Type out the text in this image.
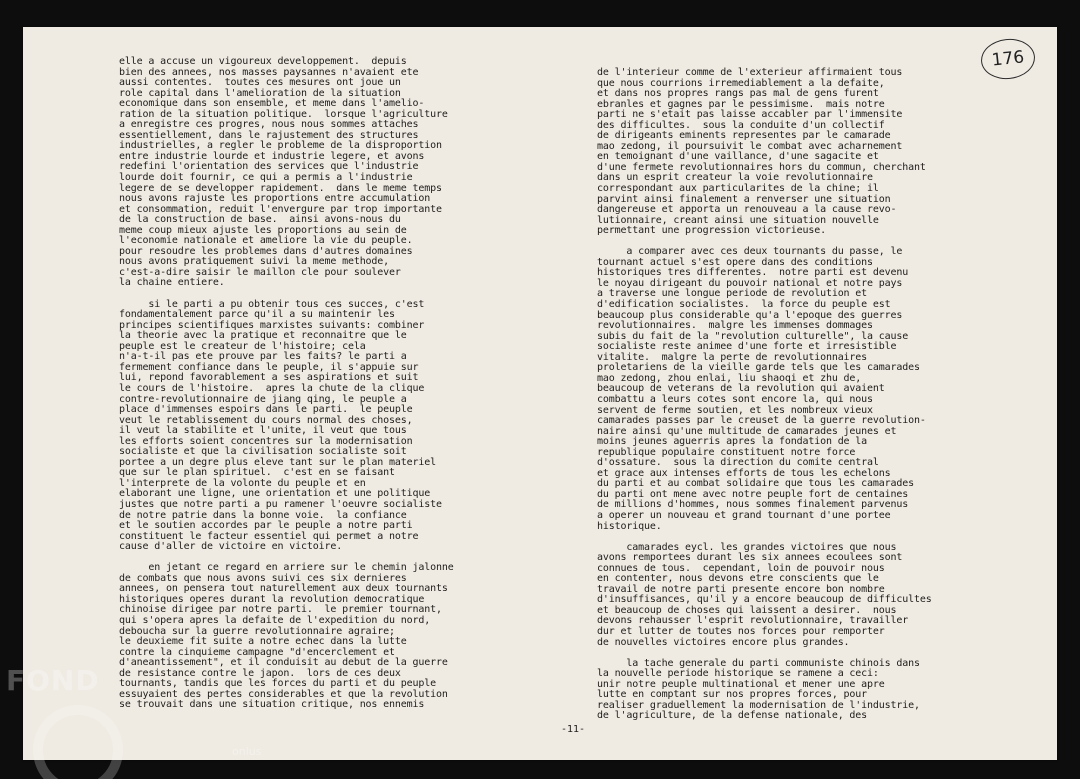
176
elle a accuse un vigoureux developpement.  depuis
bien des annees, nos masses paysannes n'avaient ete
aussi contentes.  toutes ces mesures ont joue un
role capital dans l'amelioration de la situation
economique dans son ensemble, et meme dans l'amelio-
ration de la situation politique.  lorsque l'agriculture
a enregistre ces progres, nous nous sommes attaches
essentiellement, dans le rajustement des structures
industrielles, a regler le probleme de la disproportion
entre industrie lourde et industrie legere, et avons
redefini l'orientation des services que l'industrie
lourde doit fournir, ce qui a permis a l'industrie
legere de se developper rapidement.  dans le meme temps
nous avons rajuste les proportions entre accumulation
et consommation, reduit l'envergure par trop importante
de la construction de base.  ainsi avons-nous du
meme coup mieux ajuste les proportions au sein de
l'economie nationale et ameliore la vie du peuple.
pour resoudre les problemes dans d'autres domaines
nous avons pratiquement suivi la meme methode,
c'est-a-dire saisir le maillon cle pour soulever
la chaine entiere.
si le parti a pu obtenir tous ces succes, c'est
fondamentalement parce qu'il a su maintenir les
principes scientifiques marxistes suivants: combiner
la theorie avec la pratique et reconnaitre que le
peuple est le createur de l'histoire; cela
n'a-t-il pas ete prouve par les faits? le parti a
fermement confiance dans le peuple, il s'appuie sur
lui, repond favorablement a ses aspirations et suit
le cours de l'histoire.  apres la chute de la clique
contre-revolutionnaire de jiang qing, le peuple a
place d'immenses espoirs dans le parti.  le peuple
veut le retablissement du cours normal des choses,
il veut la stabilite et l'unite, il veut que tous
les efforts soient concentres sur la modernisation
socialiste et que la civilisation socialiste soit
portee a un degre plus eleve tant sur le plan materiel
que sur le plan spirituel.  c'est en se faisant
l'interprete de la volonte du peuple et en
elaborant une ligne, une orientation et une politique
justes que notre parti a pu ramener l'oeuvre socialiste
de notre patrie dans la bonne voie.  la confiance
et le soutien accordes par le peuple a notre parti
constituent le facteur essentiel qui permet a notre
cause d'aller de victoire en victoire.
en jetant ce regard en arriere sur le chemin jalonne
de combats que nous avons suivi ces six dernieres
annees, on pensera tout naturellement aux deux tournants
historiques operes durant la revolution democratique
chinoise dirigee par notre parti.  le premier tournant,
qui s'opera apres la defaite de l'expedition du nord,
deboucha sur la guerre revolutionnaire agraire;
le deuxieme fit suite a notre echec dans la lutte
contre la cinquieme campagne "d'encerclement et
d'aneantissement", et il conduisit au debut de la guerre
de resistance contre le japon.  lors de ces deux
tournants, tandis que les forces du parti et du peuple
essuyaient des pertes considerables et que la revolution
se trouvait dans une situation critique, nos ennemis
de l'interieur comme de l'exterieur affirmaient tous
que nous courrions irremediablement a la defaite,
et dans nos propres rangs pas mal de gens furent
ebranles et gagnes par le pessimisme.  mais notre
parti ne s'etait pas laisse accabler par l'immensite
des difficultes.  sous la conduite d'un collectif
de dirigeants eminents representes par le camarade
mao zedong, il poursuivit le combat avec acharnement
en temoignant d'une vaillance, d'une sagacite et
d'une fermete revolutionnaires hors du commun, cherchant
dans un esprit createur la voie revolutionnaire
correspondant aux particularites de la chine; il
parvint ainsi finalement a renverser une situation
dangereuse et apporta un renouveau a la cause revo-
lutionnaire, creant ainsi une situation nouvelle
permettant une progression victorieuse.
a comparer avec ces deux tournants du passe, le
tournant actuel s'est opere dans des conditions
historiques tres differentes.  notre parti est devenu
le noyau dirigeant du pouvoir national et notre pays
a traverse une longue periode de revolution et
d'edification socialistes.  la force du peuple est
beaucoup plus considerable qu'a l'epoque des guerres
revolutionnaires.  malgre les immenses dommages
subis du fait de la "revolution culturelle", la cause
socialiste reste animee d'une forte et irresistible
vitalite.  malgre la perte de revolutionnaires
proletariens de la vieille garde tels que les camarades
mao zedong, zhou enlai, liu shaoqi et zhu de,
beaucoup de veterans de la revolution qui avaient
combattu a leurs cotes sont encore la, qui nous
servent de ferme soutien, et les nombreux vieux
camarades passes par le creuset de la guerre revolution-
naire ainsi qu'une multitude de camarades jeunes et
moins jeunes aguerris apres la fondation de la
republique populaire constituent notre force
d'ossature.  sous la direction du comite central
et grace aux intenses efforts de tous les echelons
du parti et au combat solidaire que tous les camarades
du parti ont mene avec notre peuple fort de centaines
de millions d'hommes, nous sommes finalement parvenus
a operer un nouveau et grand tournant d'une portee
historique.
camarades eycl. les grandes victoires que nous
avons remportees durant les six annees ecoulees sont
connues de tous.  cependant, loin de pouvoir nous
en contenter, nous devons etre conscients que le
travail de notre parti presente encore bon nombre
d'insuffisances, qu'il y a encore beaucoup de difficultes
et beaucoup de choses qui laissent a desirer.  nous
devons rehausser l'esprit revolutionnaire, travailler
dur et lutter de toutes nos forces pour remporter
de nouvelles victoires encore plus grandes.
la tache generale du parti communiste chinois dans
la nouvelle periode historique se ramene a ceci:
unir notre peuple multinational et mener une apre
lutte en comptant sur nos propres forces, pour
realiser graduellement la modernisation de l'industrie,
de l'agriculture, de la defense nationale, des
-11-
FOND
onlus
